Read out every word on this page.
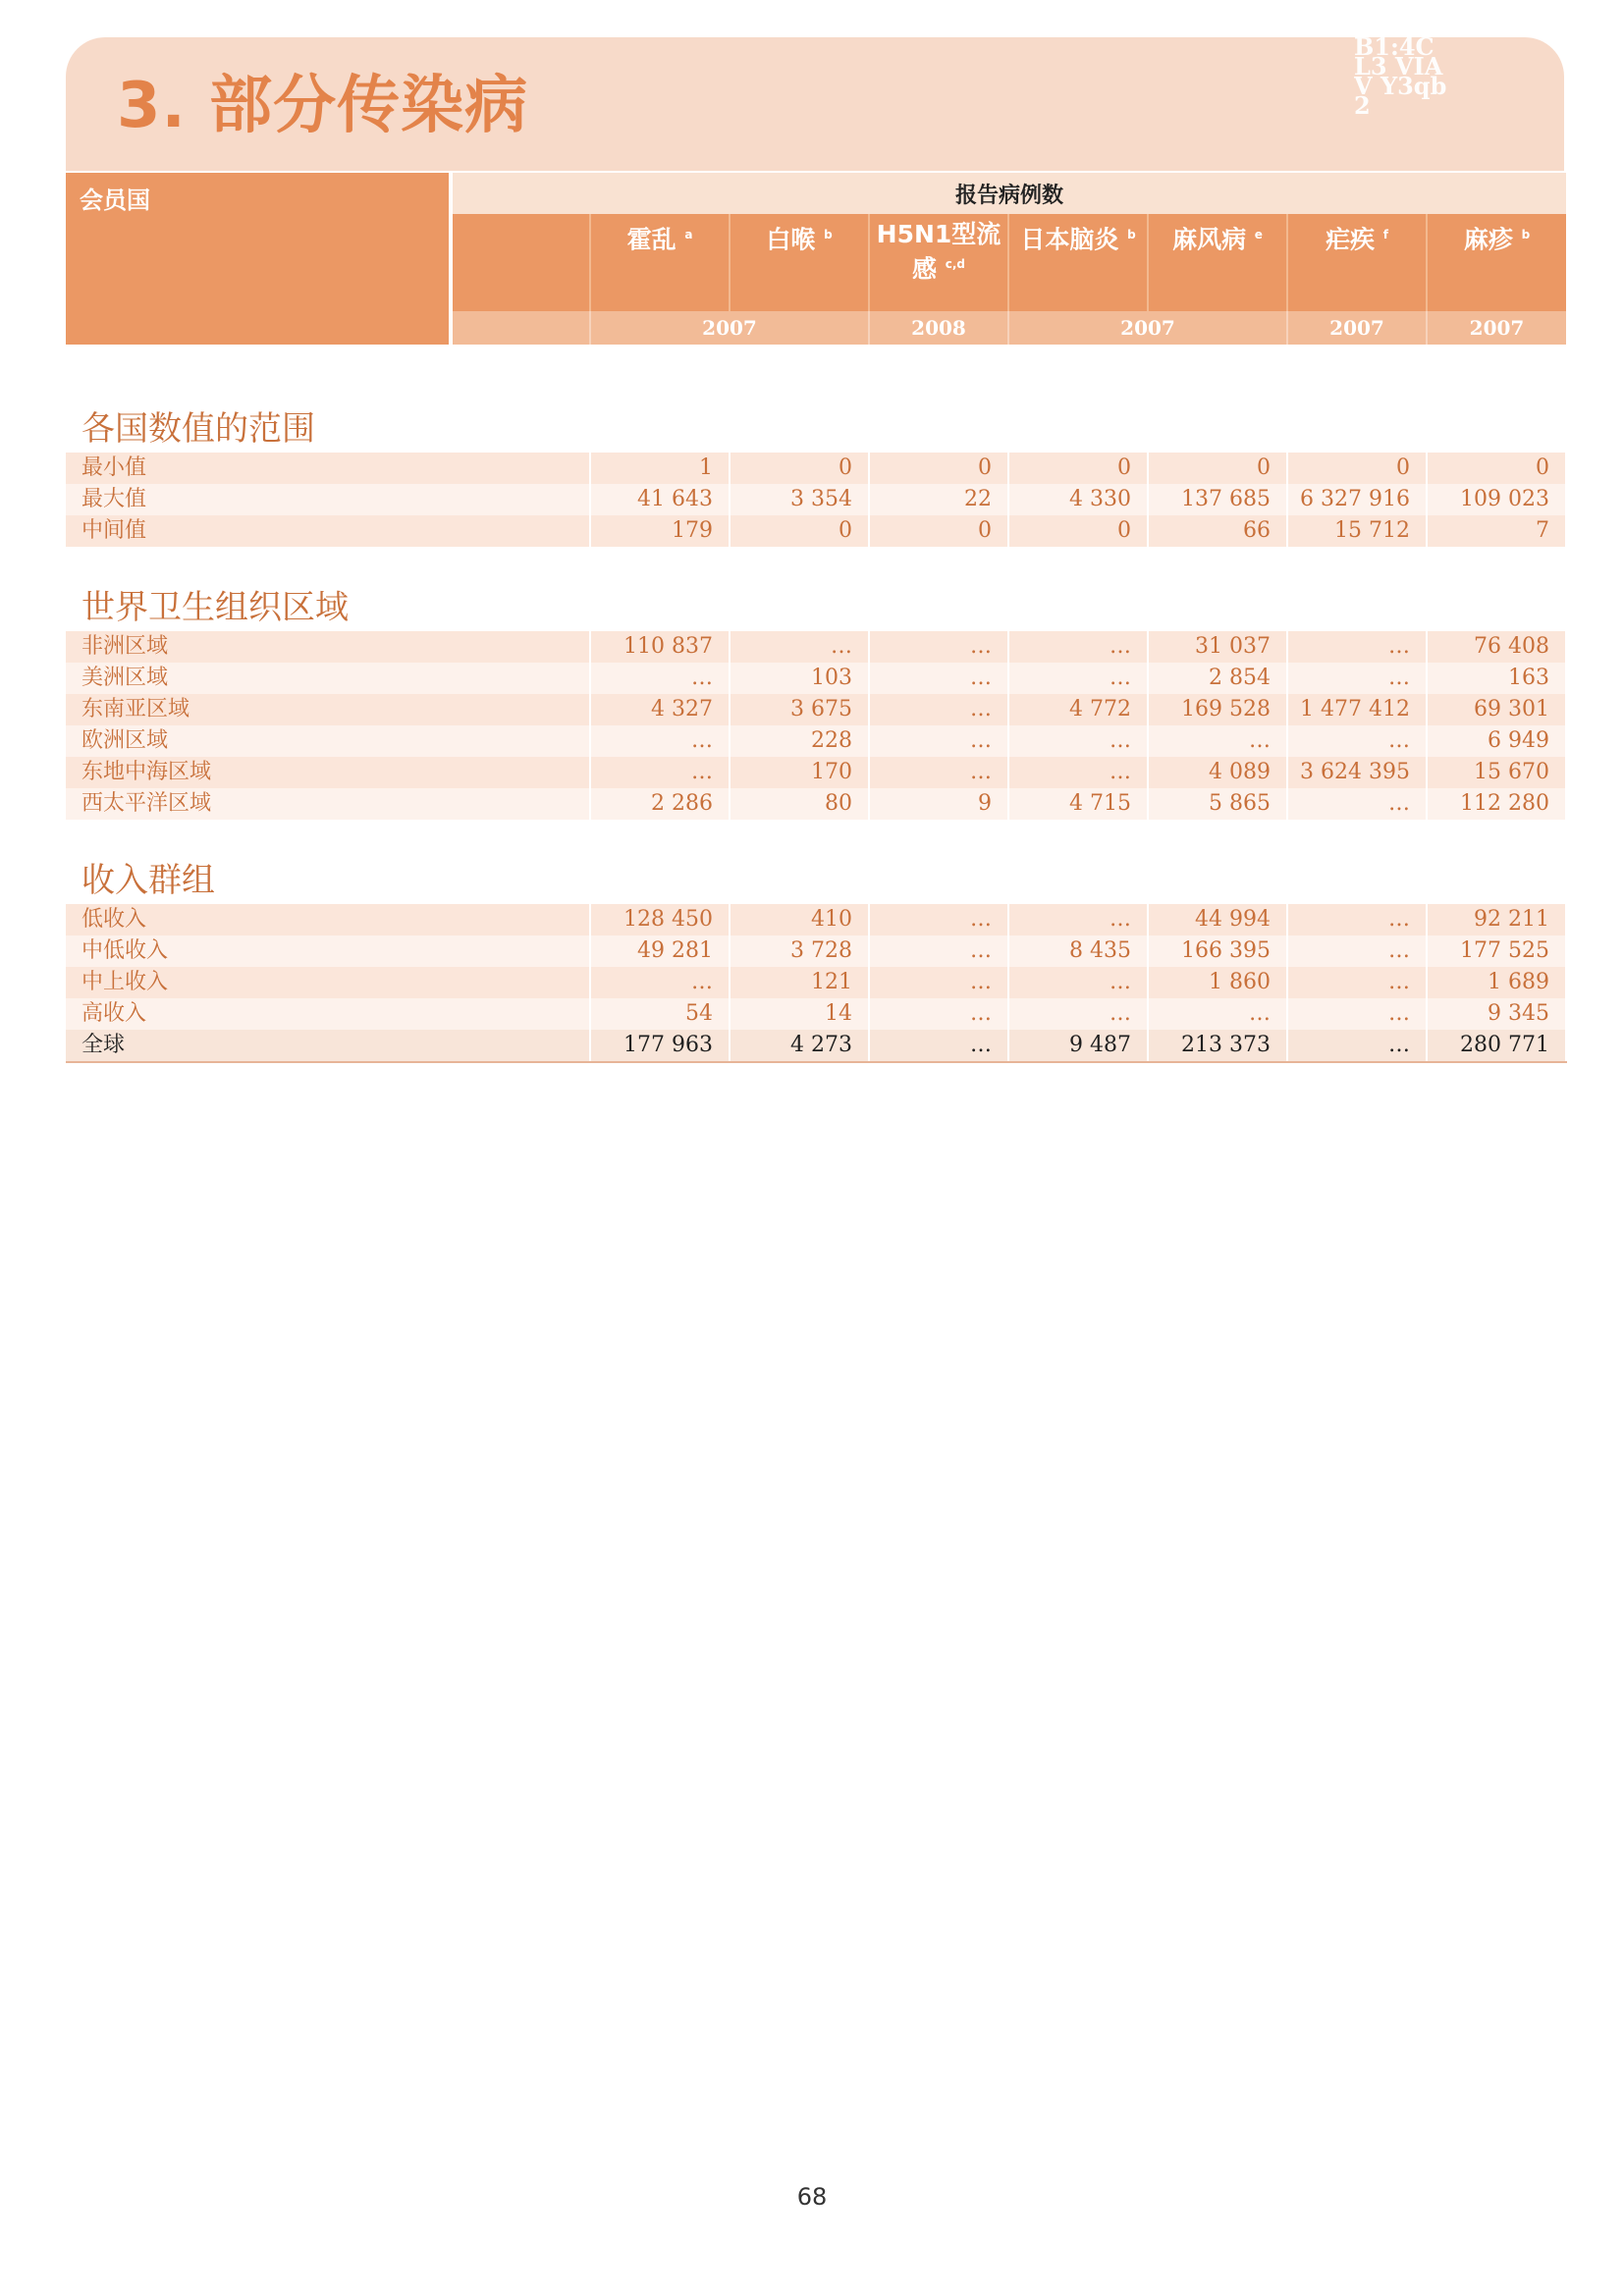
3. 部分传染病
B1:4CL3 VIAV Y3qb 2
会员国	报告病例数							
		霍乱 $^a$	白喉 $^b$	H5N1型流感 $^{c,d}$	日本脑炎 $^b$	麻风病 $^e$	疟疾 $^f$	麻疹 $^b$
		2007		2008	2007		2007	2007

各国数值的范围								
最小值		1	0	0	0	0	0	0
最大值		41 643	3 354	22	4 330	137 685	6 327 916	109 023
中间值		179	0	0	0	66	15 712	7
世界卫生组织区域								
非洲区域		110 837	…	…	…	31 037	…	76 408
美洲区域		…	103	…	…	2 854	…	163
东南亚区域		4 327	3 675	…	4 772	169 528	1 477 412	69 301
欧洲区域		…	228	…	…	…	…	6 949
东地中海区域		…	170	…	…	4 089	3 624 395	15 670
西太平洋区域		2 286	80	9	4 715	5 865	…	112 280
收入群组								
低收入		128 450	410	…	…	44 994	…	92 211
中低收入		49 281	3 728	…	8 435	166 395	…	177 525
中上收入		…	121	…	…	1 860	…	1 689
高收入		54	14	…	…	…	…	9 345
全球		177 963	4 273	…	9 487	213 373	…	280 771
68
